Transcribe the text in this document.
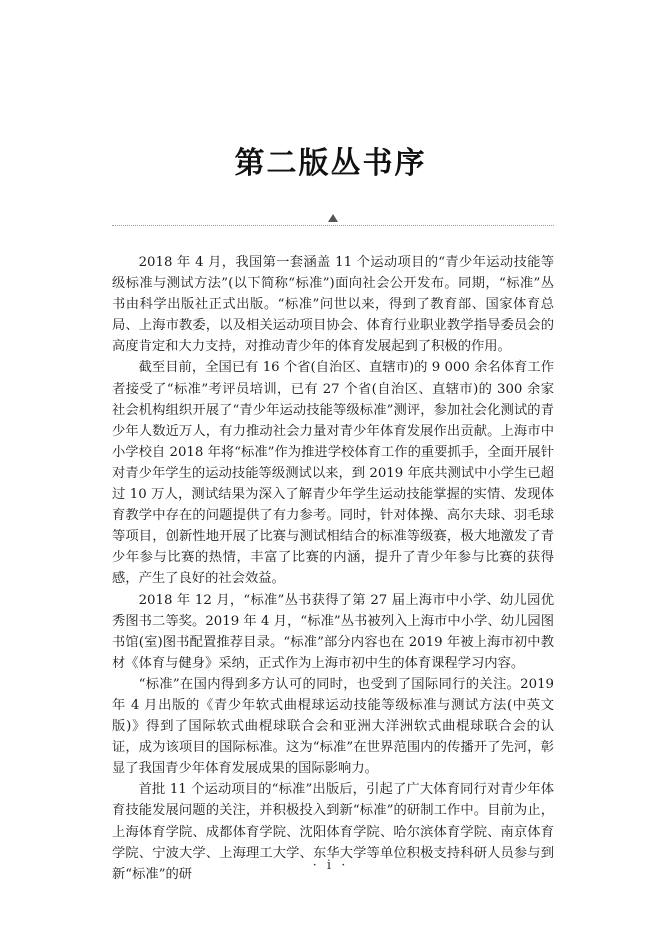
第二版丛书序

2018 年 4 月，我国第一套涵盖 11 个运动项目的“青少年运动技能等级标准与测试方法”(以下简称“标准”)面向社会公开发布。同期，“标准”丛书由科学出版社正式出版。“标准”问世以来，得到了教育部、国家体育总局、上海市教委，以及相关运动项目协会、体育行业职业教学指导委员会的高度肯定和大力支持，对推动青少年的体育发展起到了积极的作用。

截至目前，全国已有 16 个省(自治区、直辖市)的 9 000 余名体育工作者接受了“标准”考评员培训，已有 27 个省(自治区、直辖市)的 300 余家社会机构组织开展了“青少年运动技能等级标准”测评，参加社会化测试的青少年人数近万人，有力推动社会力量对青少年体育发展作出贡献。上海市中小学校自 2018 年将“标准”作为推进学校体育工作的重要抓手，全面开展针对青少年学生的运动技能等级测试以来，到 2019 年底共测试中小学生已超过 10 万人，测试结果为深入了解青少年学生运动技能掌握的实情、发现体育教学中存在的问题提供了有力参考。同时，针对体操、高尔夫球、羽毛球等项目，创新性地开展了比赛与测试相结合的标准等级赛，极大地激发了青少年参与比赛的热情，丰富了比赛的内涵，提升了青少年参与比赛的获得感，产生了良好的社会效益。

2018 年 12 月，“标准”丛书获得了第 27 届上海市中小学、幼儿园优秀图书二等奖。2019 年 4 月，“标准”丛书被列入上海市中小学、幼儿园图书馆(室)图书配置推荐目录。“标准”部分内容也在 2019 年被上海市初中教材《体育与健身》采纳，正式作为上海市初中生的体育课程学习内容。

“标准”在国内得到多方认可的同时，也受到了国际同行的关注。2019 年 4 月出版的《青少年软式曲棍球运动技能等级标准与测试方法(中英文版)》得到了国际软式曲棍球联合会和亚洲大洋洲软式曲棍球联合会的认证，成为该项目的国际标准。这为“标准”在世界范围内的传播开了先河，彰显了我国青少年体育发展成果的国际影响力。

首批 11 个运动项目的“标准”出版后，引起了广大体育同行对青少年体育技能发展问题的关注，并积极投入到新“标准”的研制工作中。目前为止，上海体育学院、成都体育学院、沈阳体育学院、哈尔滨体育学院、南京体育学院、宁波大学、上海理工大学、东华大学等单位积极支持科研人员参与到新“标准”的研

· i ·
